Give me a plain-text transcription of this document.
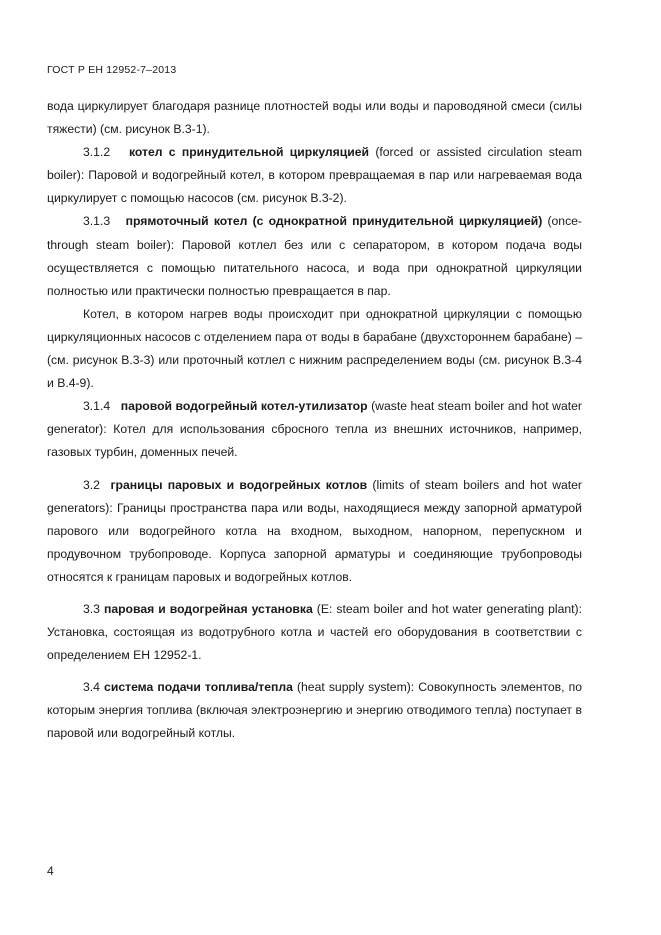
ГОСТ Р ЕН 12952-7–2013

вода циркулирует благодаря разнице плотностей воды или воды и пароводяной смеси (силы тяжести) (см. рисунок В.3-1).

3.1.2 котел с принудительной циркуляцией (forced or assisted circulation steam boiler): Паровой и водогрейный котел, в котором превращаемая в пар или нагреваемая вода циркулирует с помощью насосов (см. рисунок В.3-2).

3.1.3 прямоточный котел (с однократной принудительной циркуляцией) (once-through steam boiler): Паровой котлел без или с сепаратором, в котором подача воды осуществляется с помощью питательного насоса, и вода при однократной циркуляции полностью или практически полностью превращается в пар.

Котел, в котором нагрев воды происходит при однократной циркуляции с помощью циркуляционных насосов с отделением пара от воды в барабане (двухстороннем барабане) – (см. рисунок В.3-3) или проточный котлел с нижним распределением воды (см. рисунок В.3-4 и В.4-9).

3.1.4 паровой водогрейный котел-утилизатор (waste heat steam boiler and hot water generator): Котел для использования сбросного тепла из внешних источников, например, газовых турбин, доменных печей.

3.2 границы паровых и водогрейных котлов (limits of steam boilers and hot water generators): Границы пространства пара или воды, находящиеся между запорной арматурой парового или водогрейного котла на входном, выходном, напорном, перепускном и продувочном трубопроводе. Корпуса запорной арматуры и соединяющие трубопроводы относятся к границам паровых и водогрейных котлов.

3.3 паровая и водогрейная установка (E: steam boiler and hot water generating plant): Установка, состоящая из водотрубного котла и частей его оборудования в соответствии с определением ЕН 12952-1.

3.4 система подачи топлива/тепла (heat supply system): Совокупность элементов, по которым энергия топлива (включая электроэнергию и энергию отводимого тепла) поступает в паровой или водогрейный котлы.

4
